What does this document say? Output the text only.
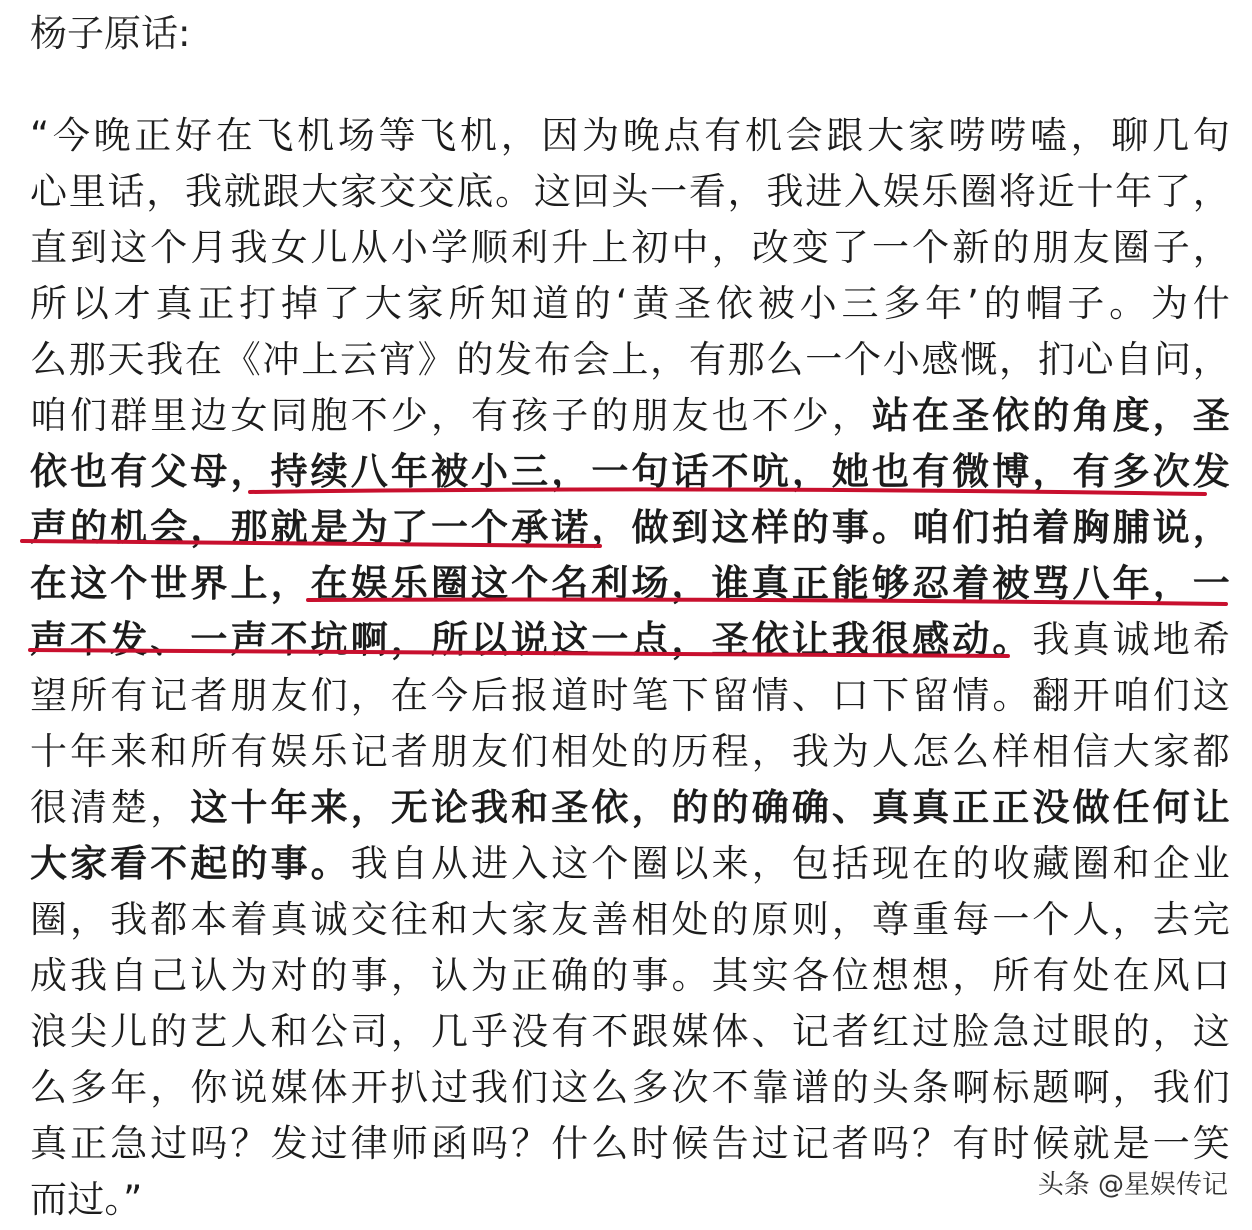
杨子原话:
“今晚正好在飞机场等飞机，因为晚点有机会跟大家唠唠嗑，聊几句
心里话，我就跟大家交交底。这回头一看，我进入娱乐圈将近十年了，
直到这个月我女儿从小学顺利升上初中，改变了一个新的朋友圈子，
所以才真正打掉了大家所知道的‘黄圣依被小三多年’的帽子。为什
么那天我在《冲上云宵》的发布会上，有那么一个小感慨，扪心自问，
咱们群里边女同胞不少，有孩子的朋友也不少，站在圣依的角度，圣
依也有父母，持续八年被小三，一句话不吭，她也有微博，有多次发
声的机会，那就是为了一个承诺，做到这样的事。咱们拍着胸脯说，
在这个世界上，在娱乐圈这个名利场，谁真正能够忍着被骂八年，一
声不发、一声不坑啊，所以说这一点，圣依让我很感动。我真诚地希
望所有记者朋友们，在今后报道时笔下留情、口下留情。翻开咱们这
十年来和所有娱乐记者朋友们相处的历程，我为人怎么样相信大家都
很清楚，这十年来，无论我和圣依，的的确确、真真正正没做任何让
大家看不起的事。我自从进入这个圈以来，包括现在的收藏圈和企业
圈，我都本着真诚交往和大家友善相处的原则，尊重每一个人，去完
成我自己认为对的事，认为正确的事。其实各位想想，所有处在风口
浪尖儿的艺人和公司，几乎没有不跟媒体、记者红过脸急过眼的，这
么多年，你说媒体开扒过我们这么多次不靠谱的头条啊标题啊，我们
真正急过吗？发过律师函吗？什么时候告过记者吗？有时候就是一笑
而过。”	头条 @星娱传记
